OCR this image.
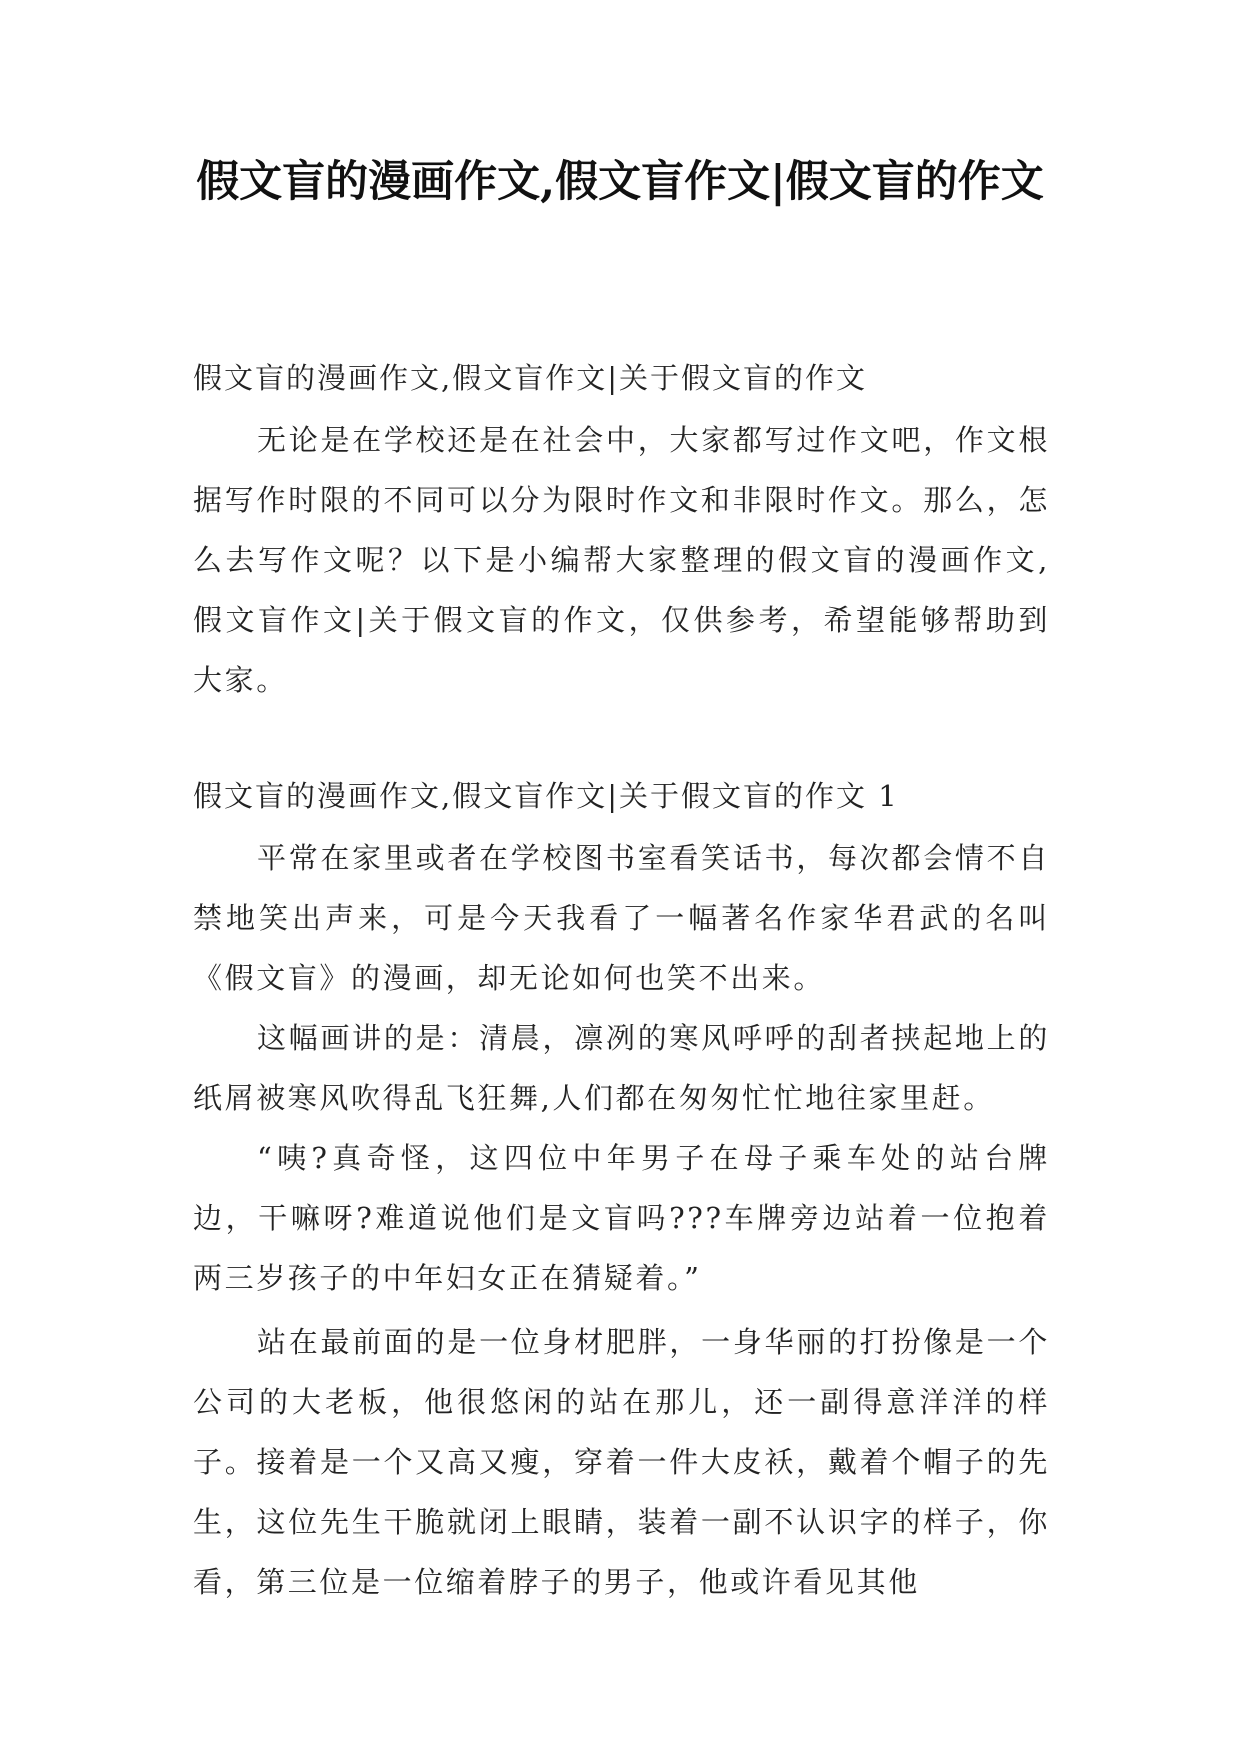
假文盲的漫画作文,假文盲作文|假文盲的作文

假文盲的漫画作文,假文盲作文|关于假文盲的作文

无论是在学校还是在社会中，大家都写过作文吧，作文根据写作时限的不同可以分为限时作文和非限时作文。那么，怎么去写作文呢？以下是小编帮大家整理的假文盲的漫画作文,假文盲作文|关于假文盲的作文，仅供参考，希望能够帮助到大家。

假文盲的漫画作文,假文盲作文|关于假文盲的作文 1

平常在家里或者在学校图书室看笑话书，每次都会情不自禁地笑出声来，可是今天我看了一幅著名作家华君武的名叫《假文盲》的漫画，却无论如何也笑不出来。

这幅画讲的是：清晨，凛冽的寒风呼呼的刮者挟起地上的纸屑被寒风吹得乱飞狂舞,人们都在匆匆忙忙地往家里赶。

“咦?真奇怪，这四位中年男子在母子乘车处的站台牌边，干嘛呀?难道说他们是文盲吗???车牌旁边站着一位抱着两三岁孩子的中年妇女正在猜疑着。”

站在最前面的是一位身材肥胖，一身华丽的打扮像是一个公司的大老板，他很悠闲的站在那儿，还一副得意洋洋的样子。接着是一个又高又瘦，穿着一件大皮袄，戴着个帽子的先生，这位先生干脆就闭上眼睛，装着一副不认识字的样子，你看，第三位是一位缩着脖子的男子，他或许看见其他
